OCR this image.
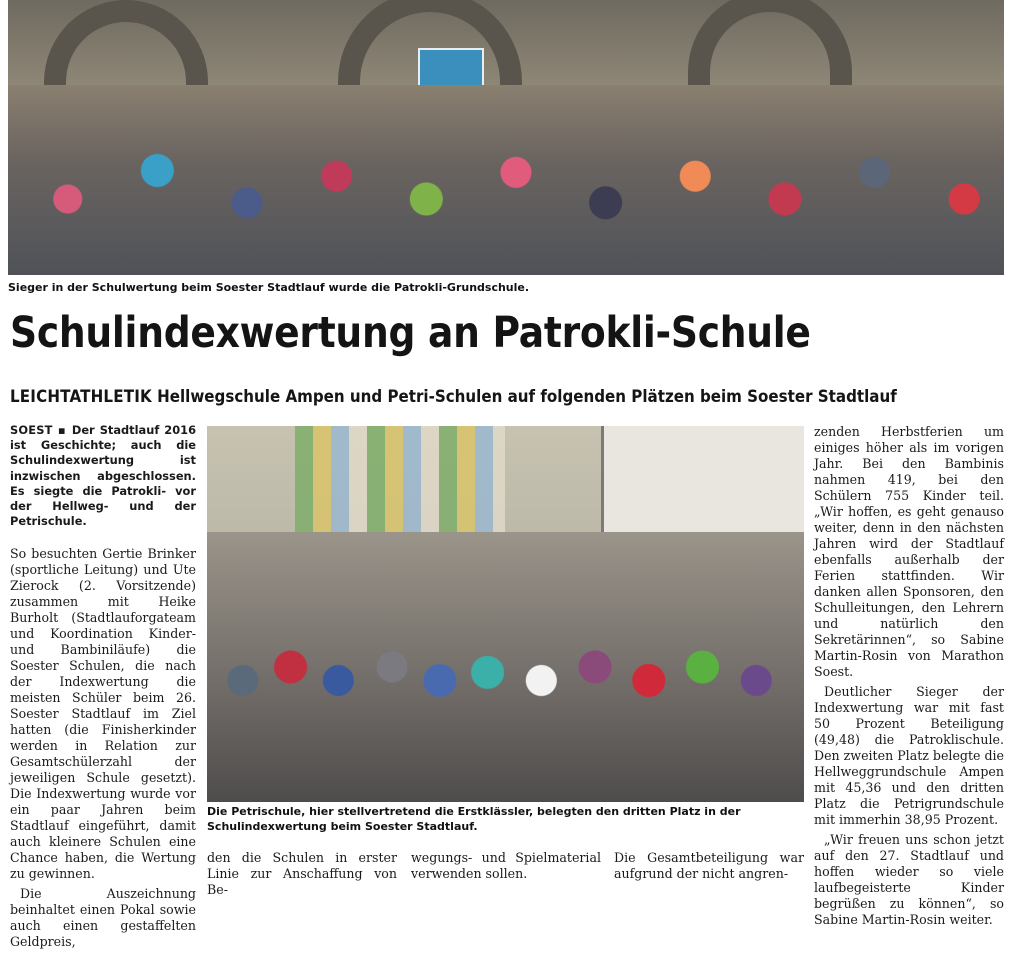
Sieger in der Schulwertung beim Soester Stadtlauf wurde die Patrokli-Grundschule.

Schulindexwertung an Patrokli-Schule
LEICHTATHLETIK Hellwegschule Ampen und Petri-Schulen auf folgenden Plätzen beim Soester Stadtlauf

SOEST ▪ Der Stadtlauf 2016 ist Geschichte; auch die Schulindexwertung ist inzwischen abgeschlossen. Es siegte die Patrokli- vor der Hellweg- und der Petrischule.

So besuchten Gertie Brinker (sportliche Leitung) und Ute Zierock (2. Vorsitzende) zusammen mit Heike Burholt (Stadtlauforgateam und Koordination Kinder- und Bambiniläufe) die Soester Schulen, die nach der Indexwertung die meisten Schüler beim 26. Soester Stadtlauf im Ziel hatten (die Finisherkinder werden in Relation zur Gesamtschülerzahl der jeweiligen Schule gesetzt). Die Indexwertung wurde vor ein paar Jahren beim Stadtlauf eingeführt, damit auch kleinere Schulen eine Chance haben, die Wertung zu gewinnen.

Die Auszeichnung beinhaltet einen Pokal sowie auch einen gestaffelten Geldpreis,

Die Petrischule, hier stellvertretend die Erstklässler, belegten den dritten Platz in der Schulindexwertung beim Soester Stadtlauf.

den die Schulen in erster Linie zur Anschaffung von Be-
wegungs- und Spielmaterial verwenden sollen.
Die Gesamtbeteiligung war aufgrund der nicht angren-

zenden Herbstferien um einiges höher als im vorigen Jahr. Bei den Bambinis nahmen 419, bei den Schülern 755 Kinder teil. „Wir hoffen, es geht genauso weiter, denn in den nächsten Jahren wird der Stadtlauf ebenfalls außerhalb der Ferien stattfinden. Wir danken allen Sponsoren, den Schulleitungen, den Lehrern und natürlich den Sekretärinnen“, so Sabine Martin-Rosin von Marathon Soest.

Deutlicher Sieger der Indexwertung war mit fast 50 Prozent Beteiligung (49,48) die Patroklischule. Den zweiten Platz belegte die Hellweggrundschule Ampen mit 45,36 und den dritten Platz die Petrigrundschule mit immerhin 38,95 Prozent.

„Wir freuen uns schon jetzt auf den 27. Stadtlauf und hoffen wieder so viele laufbegeisterte Kinder begrüßen zu können“, so Sabine Martin-Rosin weiter.
